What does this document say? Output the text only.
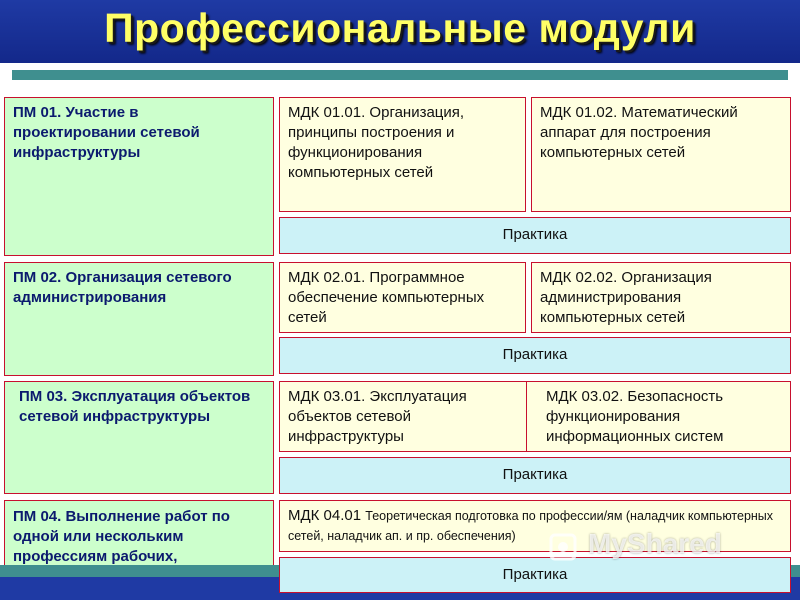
Профессиональные модули
ПМ 01. Участие в проектировании сетевой инфраструктуры
МДК 01.01. Организация, принципы построения и функционирования компьютерных сетей
МДК 01.02. Математический аппарат для построения компьютерных сетей
Практика
ПМ 02. Организация сетевого администрирования
МДК 02.01. Программное обеспечение компьютерных сетей
МДК 02.02. Организация администрирования компьютерных сетей
Практика
ПМ 03. Эксплуатация объектов сетевой инфраструктуры
МДК 03.01. Эксплуатация объектов сетевой инфраструктуры
МДК 03.02. Безопасность функционирования информационных систем
Практика
ПМ 04. Выполнение работ по одной или нескольким профессиям рабочих,
МДК 04.01 Теоретическая подготовка по профессии/ям (наладчик компьютерных сетей, наладчик ап. и пр. обеспечения)
Практика
MyShared
